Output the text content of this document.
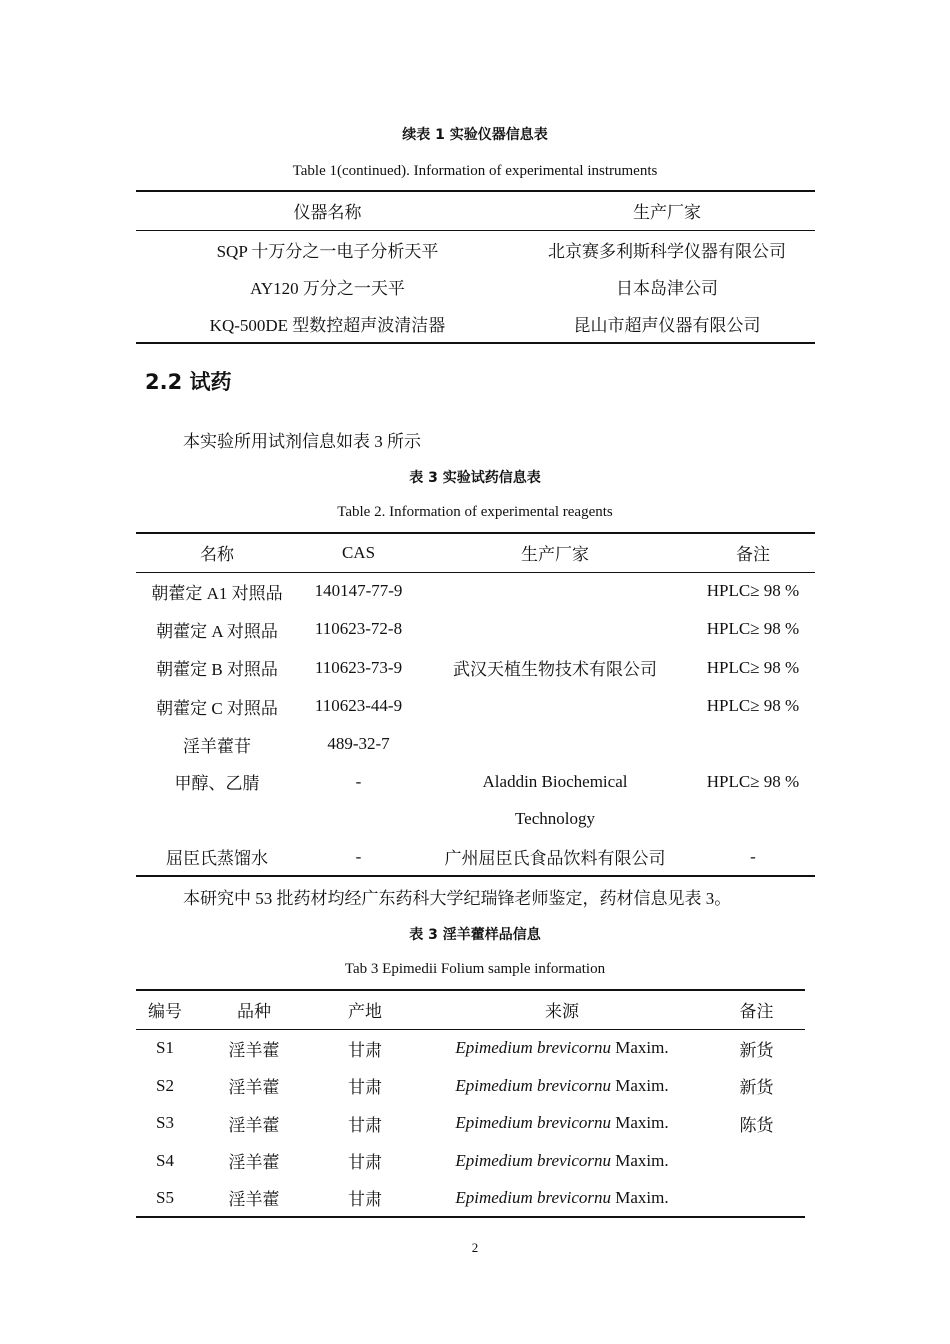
续表 1 实验仪器信息表
Table 1(continued). Information of experimental instruments
仪器名称	生产厂家
SQP 十万分之一电子分析天平	北京赛多利斯科学仪器有限公司
AY120 万分之一天平	日本岛津公司
KQ-500DE 型数控超声波清洁器	昆山市超声仪器有限公司
2.2 试药
本实验所用试剂信息如表 3 所示
表 3 实验试药信息表
Table 2. Information of experimental reagents
名称	CAS	生产厂家	备注
朝藿定 A1 对照品	140147-77-9		HPLC≥ 98 %
朝藿定 A 对照品	110623-72-8		HPLC≥ 98 %
朝藿定 B 对照品	110623-73-9	武汉天植生物技术有限公司	HPLC≥ 98 %
朝藿定 C 对照品	110623-44-9		HPLC≥ 98 %
淫羊藿苷	489-32-7		
甲醇、乙腈	-	Aladdin Biochemical	HPLC≥ 98 %
		Technology	
屈臣氏蒸馏水	-	广州屈臣氏食品饮料有限公司	-
本研究中 53 批药材均经广东药科大学纪瑞锋老师鉴定，药材信息见表 3。
表 3 淫羊藿样品信息
Tab 3 Epimedii Folium sample information
编号	品种	产地	来源	备注
S1	淫羊藿	甘肃	Epimedium brevicornu Maxim.	新货
S2	淫羊藿	甘肃	Epimedium brevicornu Maxim.	新货
S3	淫羊藿	甘肃	Epimedium brevicornu Maxim.	陈货
S4	淫羊藿	甘肃	Epimedium brevicornu Maxim.	
S5	淫羊藿	甘肃	Epimedium brevicornu Maxim.	
2
